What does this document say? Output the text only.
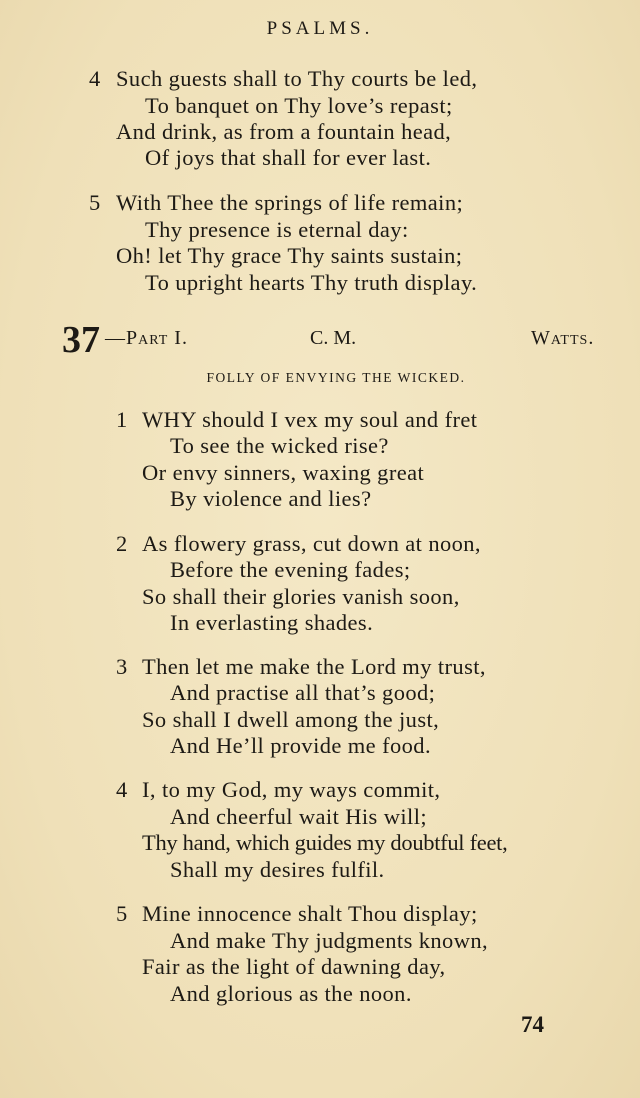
PSALMS.
4 Such guests shall to Thy courts be led,
To banquet on Thy love’s repast;
And drink, as from a fountain head,
Of joys that shall for ever last.
5 With Thee the springs of life remain;
Thy presence is eternal day:
Oh! let Thy grace Thy saints sustain;
To upright hearts Thy truth display.
37 —Part I.	C. M.	Watts.
FOLLY OF ENVYING THE WICKED.
1 WHY should I vex my soul and fret
To see the wicked rise?
Or envy sinners, waxing great
By violence and lies?
2 As flowery grass, cut down at noon,
Before the evening fades;
So shall their glories vanish soon,
In everlasting shades.
3 Then let me make the Lord my trust,
And practise all that’s good;
So shall I dwell among the just,
And He’ll provide me food.
4 I, to my God, my ways commit,
And cheerful wait His will;
Thy hand, which guides my doubtful feet,
Shall my desires fulfil.
5 Mine innocence shalt Thou display;
And make Thy judgments known,
Fair as the light of dawning day,
And glorious as the noon.
74
